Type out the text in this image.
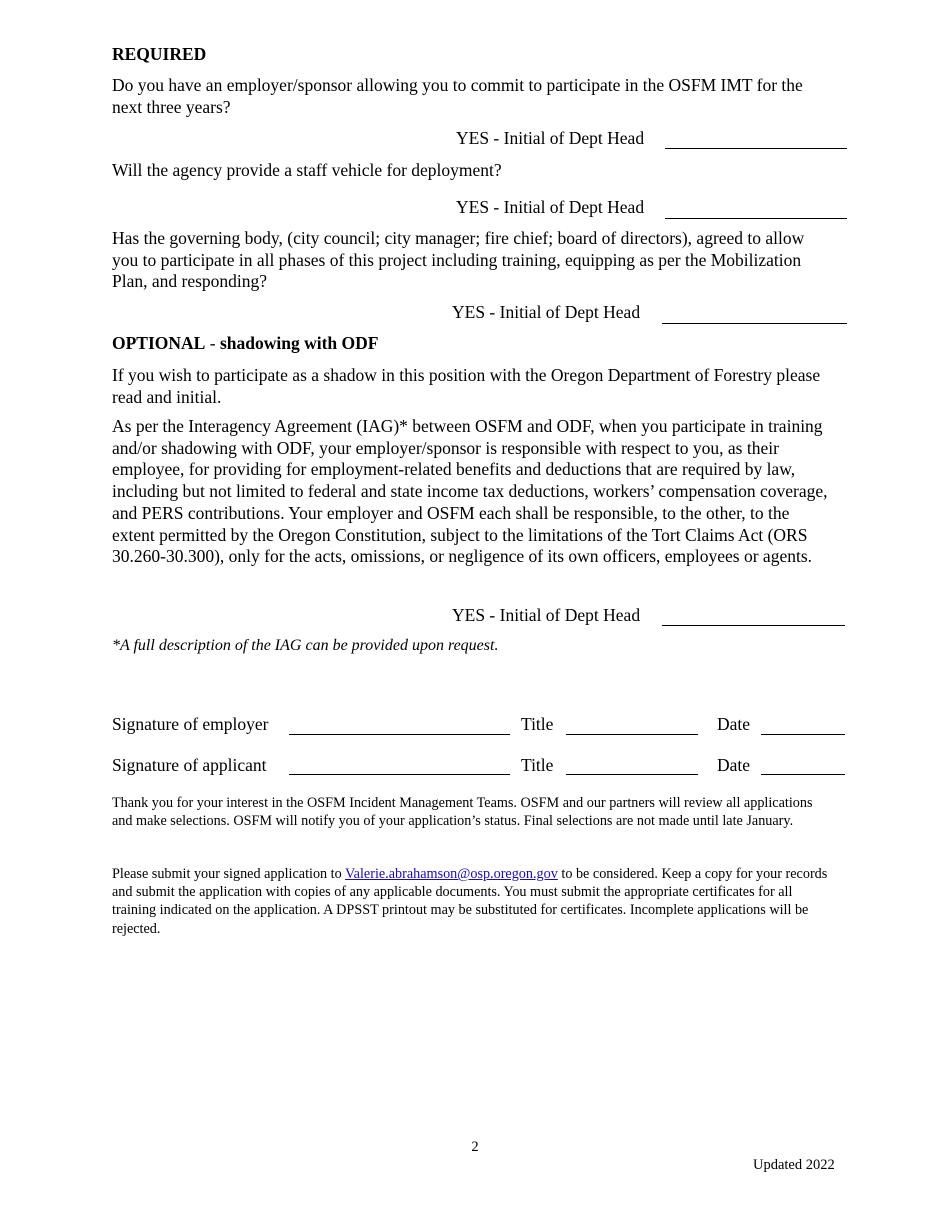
REQUIRED
Do you have an employer/sponsor allowing you to commit to participate in the OSFM IMT for the next three years?
YES - Initial of Dept Head
Will the agency provide a staff vehicle for deployment?
YES - Initial of Dept Head
Has the governing body, (city council; city manager; fire chief; board of directors), agreed to allow you to participate in all phases of this project including training, equipping as per the Mobilization Plan, and responding?
YES - Initial of Dept Head
OPTIONAL - shadowing with ODF
If you wish to participate as a shadow in this position with the Oregon Department of Forestry please read and initial.
As per the Interagency Agreement (IAG)* between OSFM and ODF, when you participate in training and/or shadowing with ODF, your employer/sponsor is responsible with respect to you, as their employee, for providing for employment-related benefits and deductions that are required by law, including but not limited to federal and state income tax deductions, workers’ compensation coverage, and PERS contributions. Your employer and OSFM each shall be responsible, to the other, to the extent permitted by the Oregon Constitution, subject to the limitations of the Tort Claims Act (ORS 30.260-30.300), only for the acts, omissions, or negligence of its own officers, employees or agents.
YES - Initial of Dept Head
*A full description of the IAG can be provided upon request.
Signature of employer	Title	Date
Signature of applicant	Title	Date
Thank you for your interest in the OSFM Incident Management Teams. OSFM and our partners will review all applications and make selections. OSFM will notify you of your application’s status. Final selections are not made until late January.
Please submit your signed application to Valerie.abrahamson@osp.oregon.gov to be considered. Keep a copy for your records and submit the application with copies of any applicable documents. You must submit the appropriate certificates for all training indicated on the application. A DPSST printout may be substituted for certificates. Incomplete applications will be rejected.
2
Updated 2022
